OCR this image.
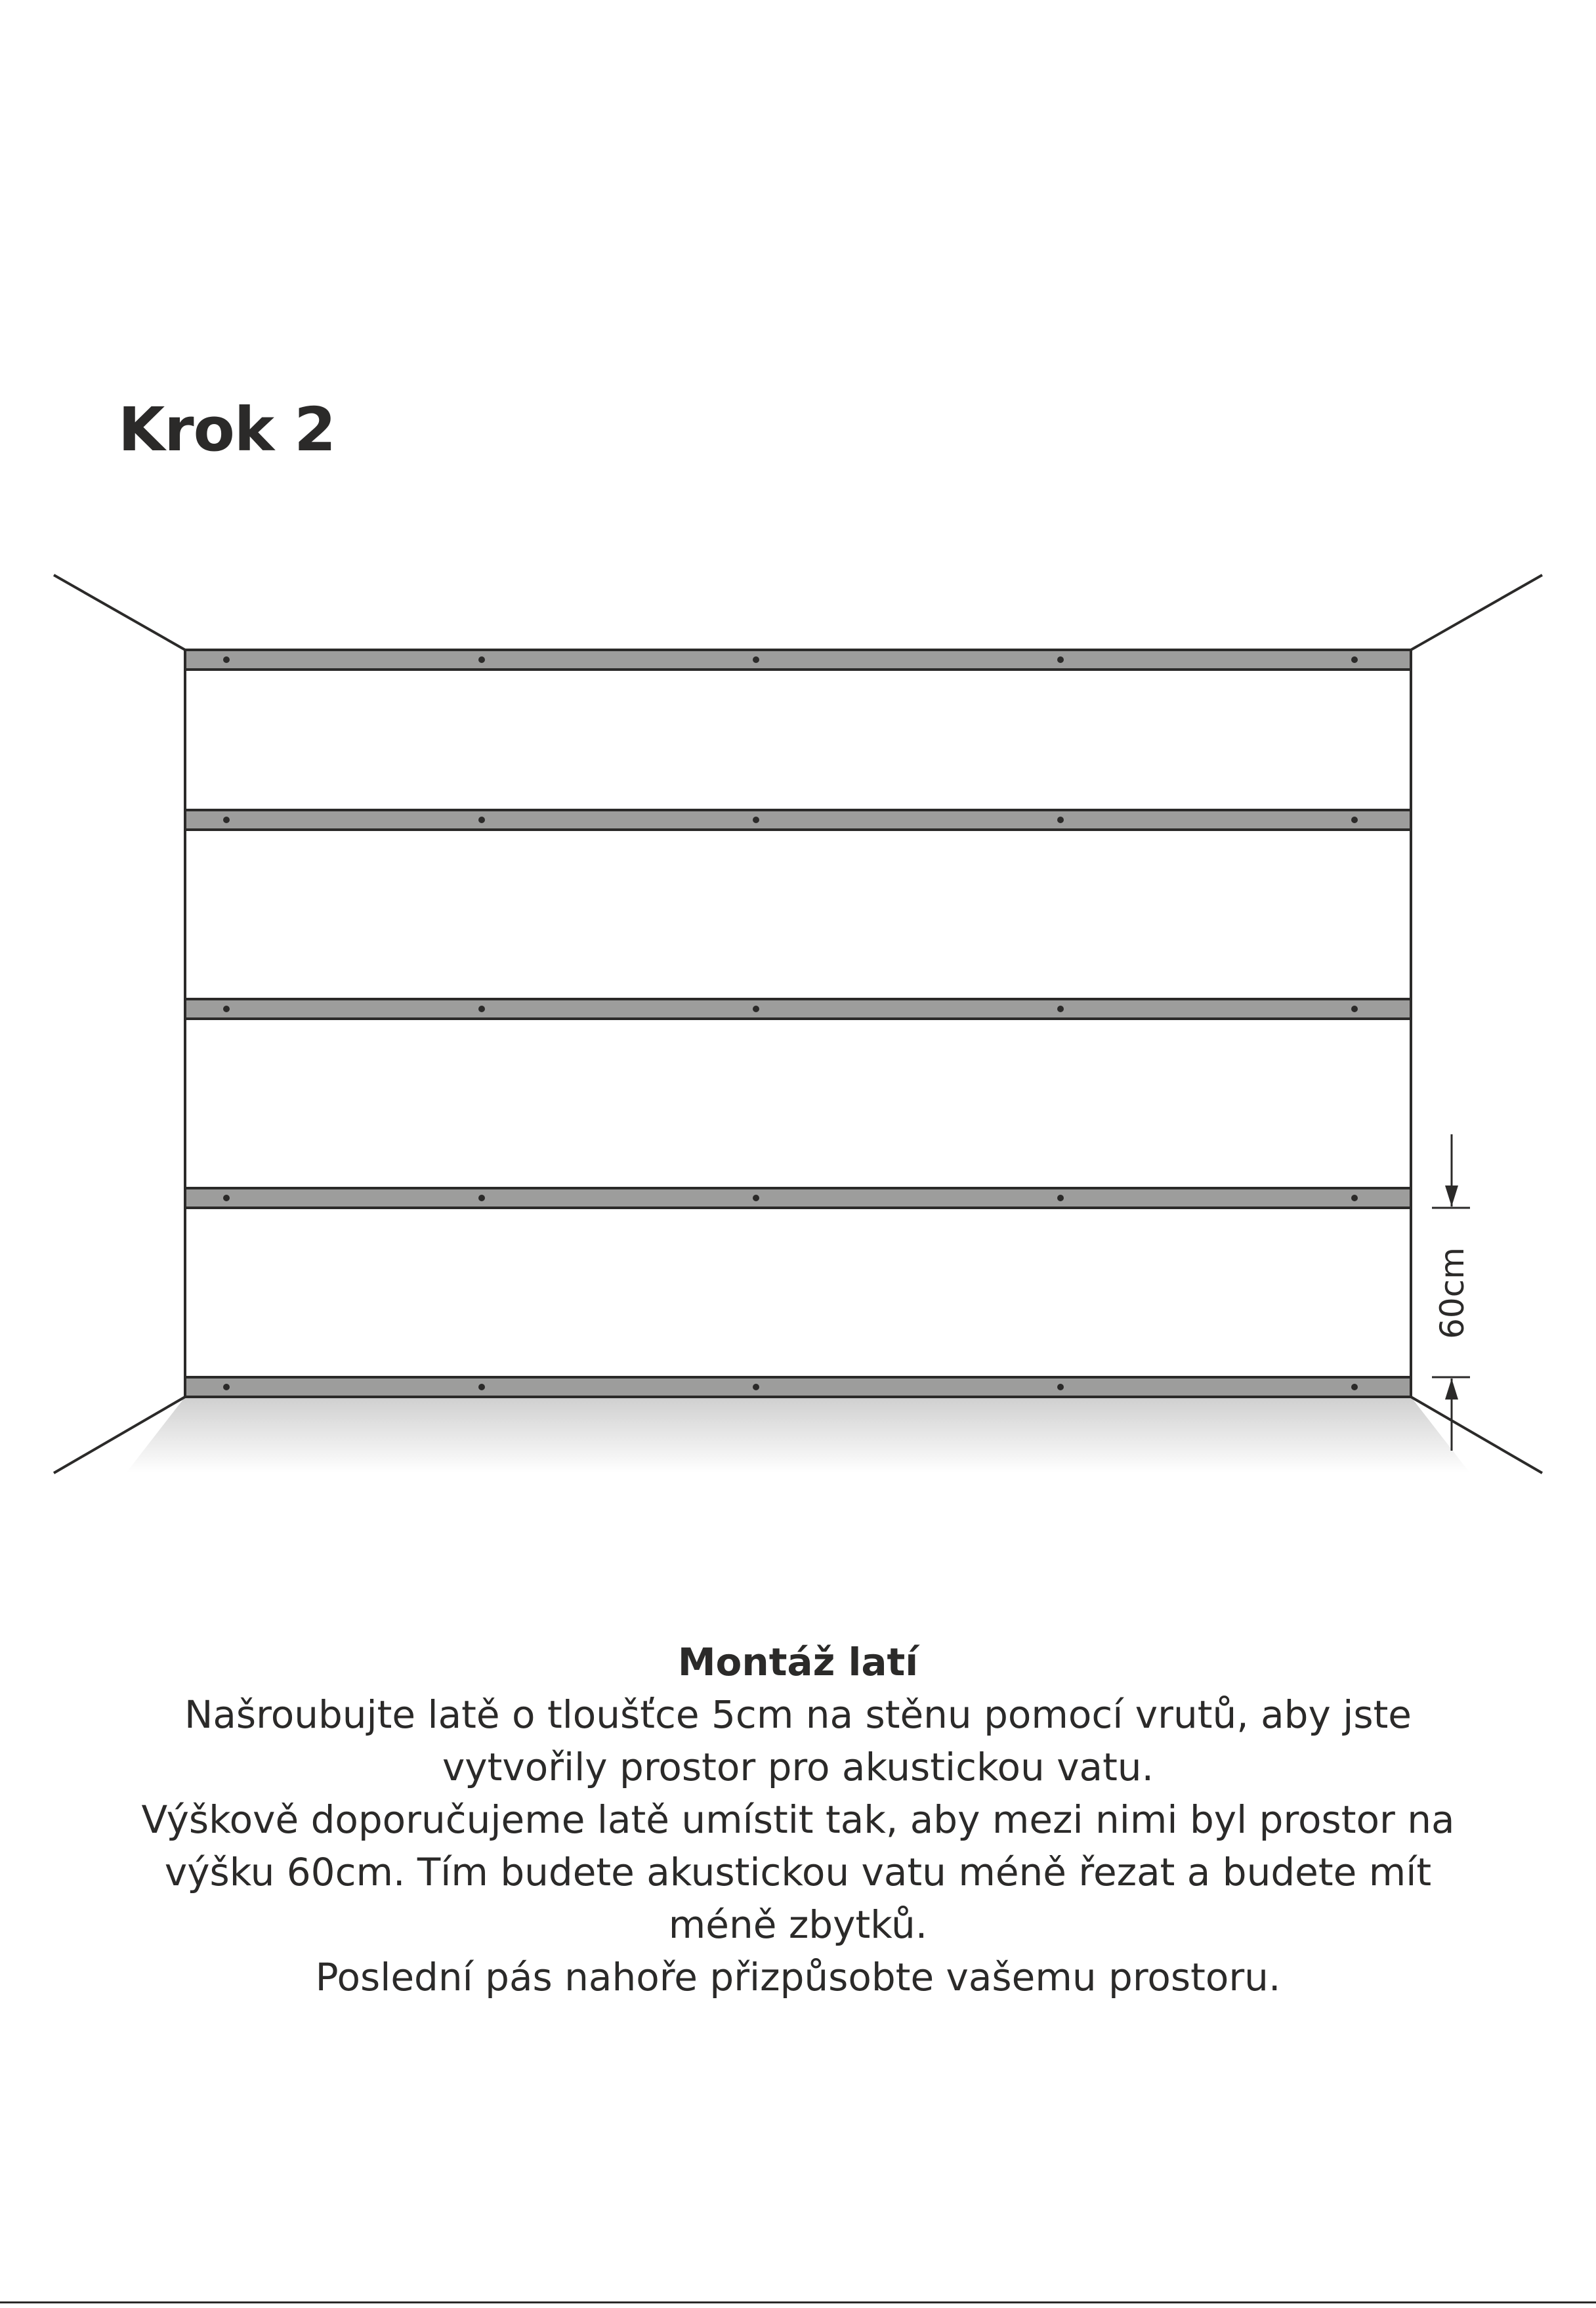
Krok 2
60cm

Montáž latí

Našroubujte latě o tloušťce 5cm na stěnu pomocí vrutů, aby jste

vytvořily prostor pro akustickou vatu.

Výškově doporučujeme latě umístit tak, aby mezi nimi byl prostor na

výšku 60cm. Tím budete akustickou vatu méně řezat a budete mít

méně zbytků.

Poslední pás nahoře přizpůsobte vašemu prostoru.
